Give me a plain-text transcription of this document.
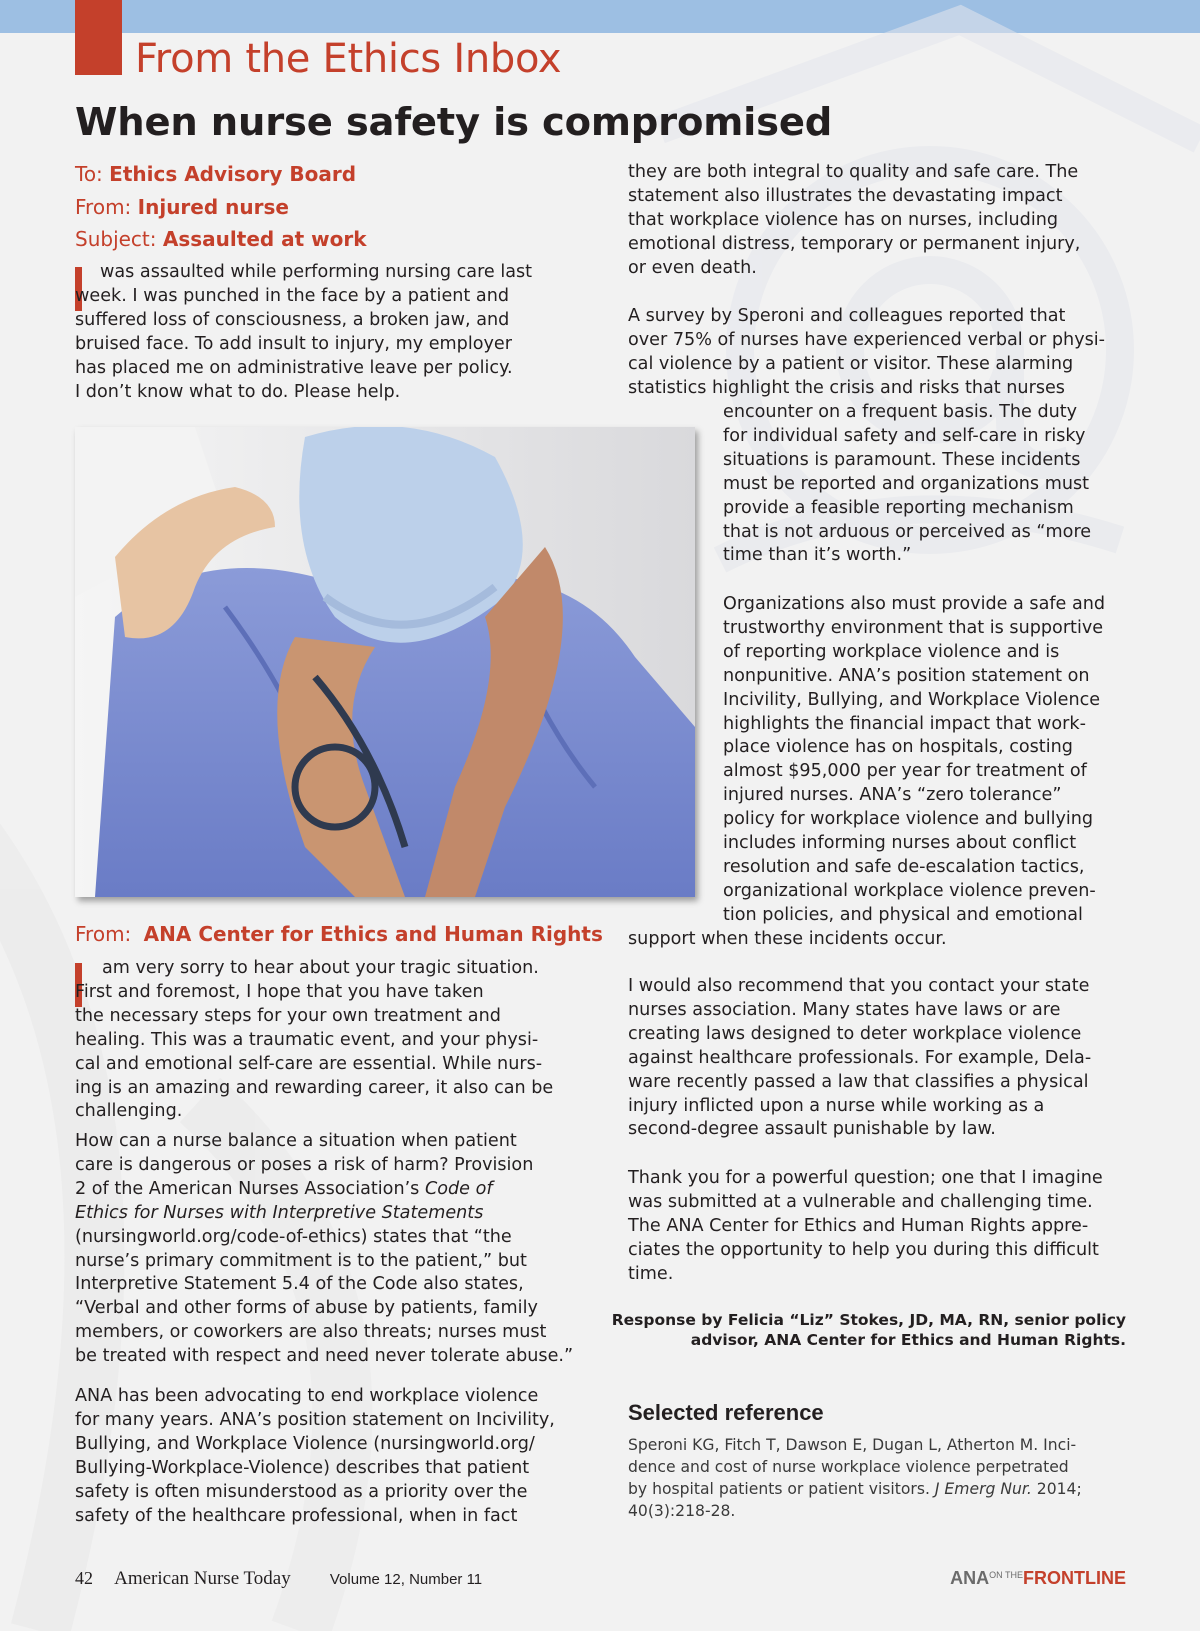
From the Ethics Inbox
When nurse safety is compromised
To: Ethics Advisory Board
From: Injured nurse
Subject: Assaulted at work

was assaulted while performing nursing care last
week. I was punched in the face by a patient and
suffered loss of consciousness, a broken jaw, and
bruised face. To add insult to injury, my employer
has placed me on administrative leave per policy.
I don’t know what to do. Please help.

From: ANA Center for Ethics and Human Rights

am very sorry to hear about your tragic situation.
First and foremost, I hope that you have taken
the necessary steps for your own treatment and
healing. This was a traumatic event, and your physi-
cal and emotional self-care are essential. While nurs-
ing is an amazing and rewarding career, it also can be
challenging.

How can a nurse balance a situation when patient
care is dangerous or poses a risk of harm? Provision
2 of the American Nurses Association’s Code of
Ethics for Nurses with Interpretive Statements
(nursingworld.org/code-of-ethics) states that “the
nurse’s primary commitment is to the patient,” but
Interpretive Statement 5.4 of the Code also states,
“Verbal and other forms of abuse by patients, family
members, or coworkers are also threats; nurses must
be treated with respect and need never tolerate abuse.”

ANA has been advocating to end workplace violence
for many years. ANA’s position statement on Incivility,
Bullying, and Workplace Violence (nursingworld.org/
Bullying-Workplace-Violence) describes that patient
safety is often misunderstood as a priority over the
safety of the healthcare professional, when in fact

they are both integral to quality and safe care. The
statement also illustrates the devastating impact
that workplace violence has on nurses, including
emotional distress, temporary or permanent injury,
or even death.

A survey by Speroni and colleagues reported that
over 75% of nurses have experienced verbal or physi-
cal violence by a patient or visitor. These alarming
statistics highlight the crisis and risks that nurses

encounter on a frequent basis. The duty
for individual safety and self-care in risky
situations is paramount. These incidents
must be reported and organizations must
provide a feasible reporting mechanism
that is not arduous or perceived as “more
time than it’s worth.”

Organizations also must provide a safe and
trustworthy environment that is supportive
of reporting workplace violence and is
nonpunitive. ANA’s position statement on
Incivility, Bullying, and Workplace Violence
highlights the financial impact that work-
place violence has on hospitals, costing
almost $95,000 per year for treatment of
injured nurses. ANA’s “zero tolerance”
policy for workplace violence and bullying
includes informing nurses about conflict
resolution and safe de-escalation tactics,
organizational workplace violence preven-
tion policies, and physical and emotional

support when these incidents occur.

I would also recommend that you contact your state
nurses association. Many states have laws or are
creating laws designed to deter workplace violence
against healthcare professionals. For example, Dela-
ware recently passed a law that classifies a physical
injury inflicted upon a nurse while working as a
second-degree assault punishable by law.

Thank you for a powerful question; one that I imagine
was submitted at a vulnerable and challenging time.
The ANA Center for Ethics and Human Rights appre-
ciates the opportunity to help you during this difficult
time.

Response by Felicia “Liz” Stokes, JD, MA, RN, senior policy
advisor, ANA Center for Ethics and Human Rights.

Selected reference

Speroni KG, Fitch T, Dawson E, Dugan L, Atherton M. Inci-
dence and cost of nurse workplace violence perpetrated
by hospital patients or patient visitors. J Emerg Nur. 2014;
40(3):218-28.

42 American Nurse Today	Volume 12, Number 11	$ANA^{ON THE}FRONTLINE$
